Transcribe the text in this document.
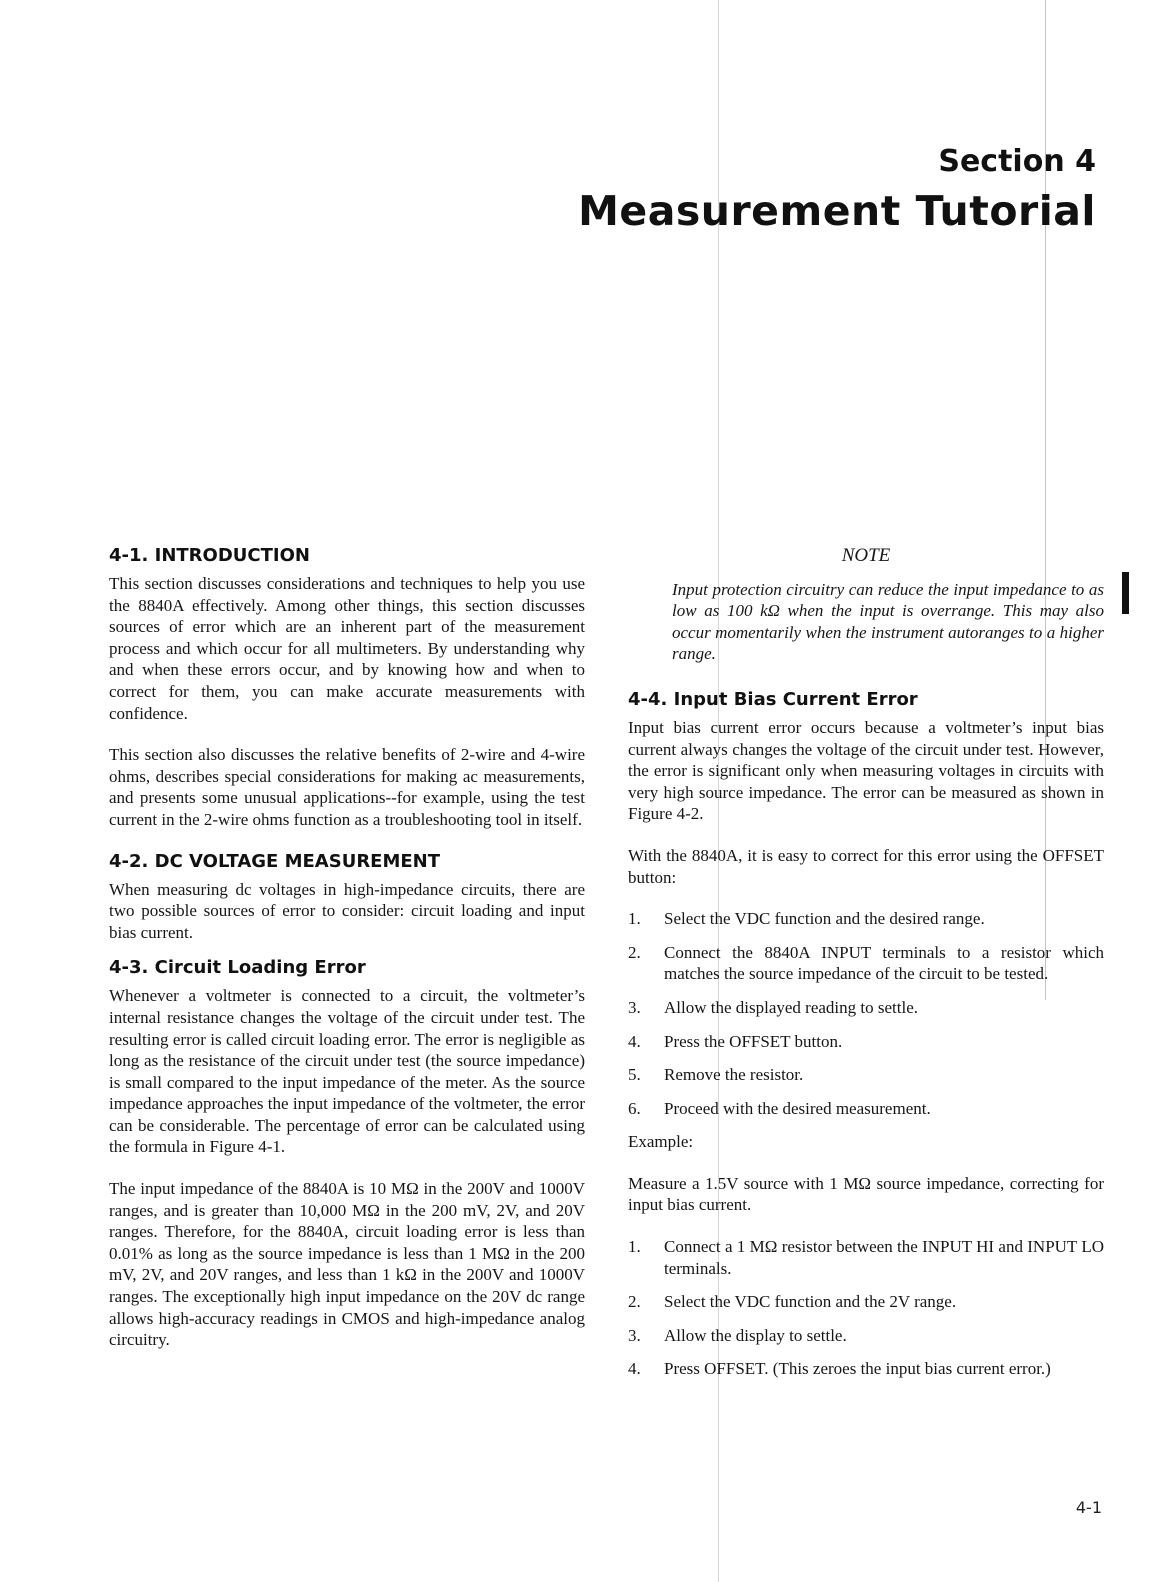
Section 4
Measurement Tutorial
4-1. INTRODUCTION

This section discusses considerations and techniques to help you use the 8840A effectively. Among other things, this section discusses sources of error which are an inherent part of the measurement process and which occur for all multimeters. By understanding why and when these errors occur, and by knowing how and when to correct for them, you can make accurate measurements with confidence.

This section also discusses the relative benefits of 2-wire and 4-wire ohms, describes special considerations for making ac measurements, and presents some unusual applications--for example, using the test current in the 2-wire ohms function as a troubleshooting tool in itself.

4-2. DC VOLTAGE MEASUREMENT

When measuring dc voltages in high-impedance circuits, there are two possible sources of error to consider: circuit loading and input bias current.

4-3. Circuit Loading Error

Whenever a voltmeter is connected to a circuit, the voltmeter’s internal resistance changes the voltage of the circuit under test. The resulting error is called circuit loading error. The error is negligible as long as the resistance of the circuit under test (the source impedance) is small compared to the input impedance of the meter. As the source impedance approaches the input impedance of the voltmeter, the error can be considerable. The percentage of error can be calculated using the formula in Figure 4-1.

The input impedance of the 8840A is 10 MΩ in the 200V and 1000V ranges, and is greater than 10,000 MΩ in the 200 mV, 2V, and 20V ranges. Therefore, for the 8840A, circuit loading error is less than 0.01% as long as the source impedance is less than 1 MΩ in the 200 mV, 2V, and 20V ranges, and less than 1 kΩ in the 200V and 1000V ranges. The exceptionally high input impedance on the 20V dc range allows high-accuracy readings in CMOS and high-impedance analog circuitry.

NOTE

Input protection circuitry can reduce the input impedance to as low as 100 kΩ when the input is overrange. This may also occur momentarily when the instrument autoranges to a higher range.

4-4. Input Bias Current Error

Input bias current error occurs because a voltmeter’s input bias current always changes the voltage of the circuit under test. However, the error is significant only when measuring voltages in circuits with very high source impedance. The error can be measured as shown in Figure 4-2.

With the 8840A, it is easy to correct for this error using the OFFSET button:

1.	Select the VDC function and the desired range.
2.	Connect the 8840A INPUT terminals to a resistor which matches the source impedance of the circuit to be tested.
3.	Allow the displayed reading to settle.
4.	Press the OFFSET button.
5.	Remove the resistor.
6.	Proceed with the desired measurement.

Example:

Measure a 1.5V source with 1 MΩ source impedance, correcting for input bias current.

1.	Connect a 1 MΩ resistor between the INPUT HI and INPUT LO terminals.
2.	Select the VDC function and the 2V range.
3.	Allow the display to settle.
4.	Press OFFSET. (This zeroes the input bias current error.)
4-1
